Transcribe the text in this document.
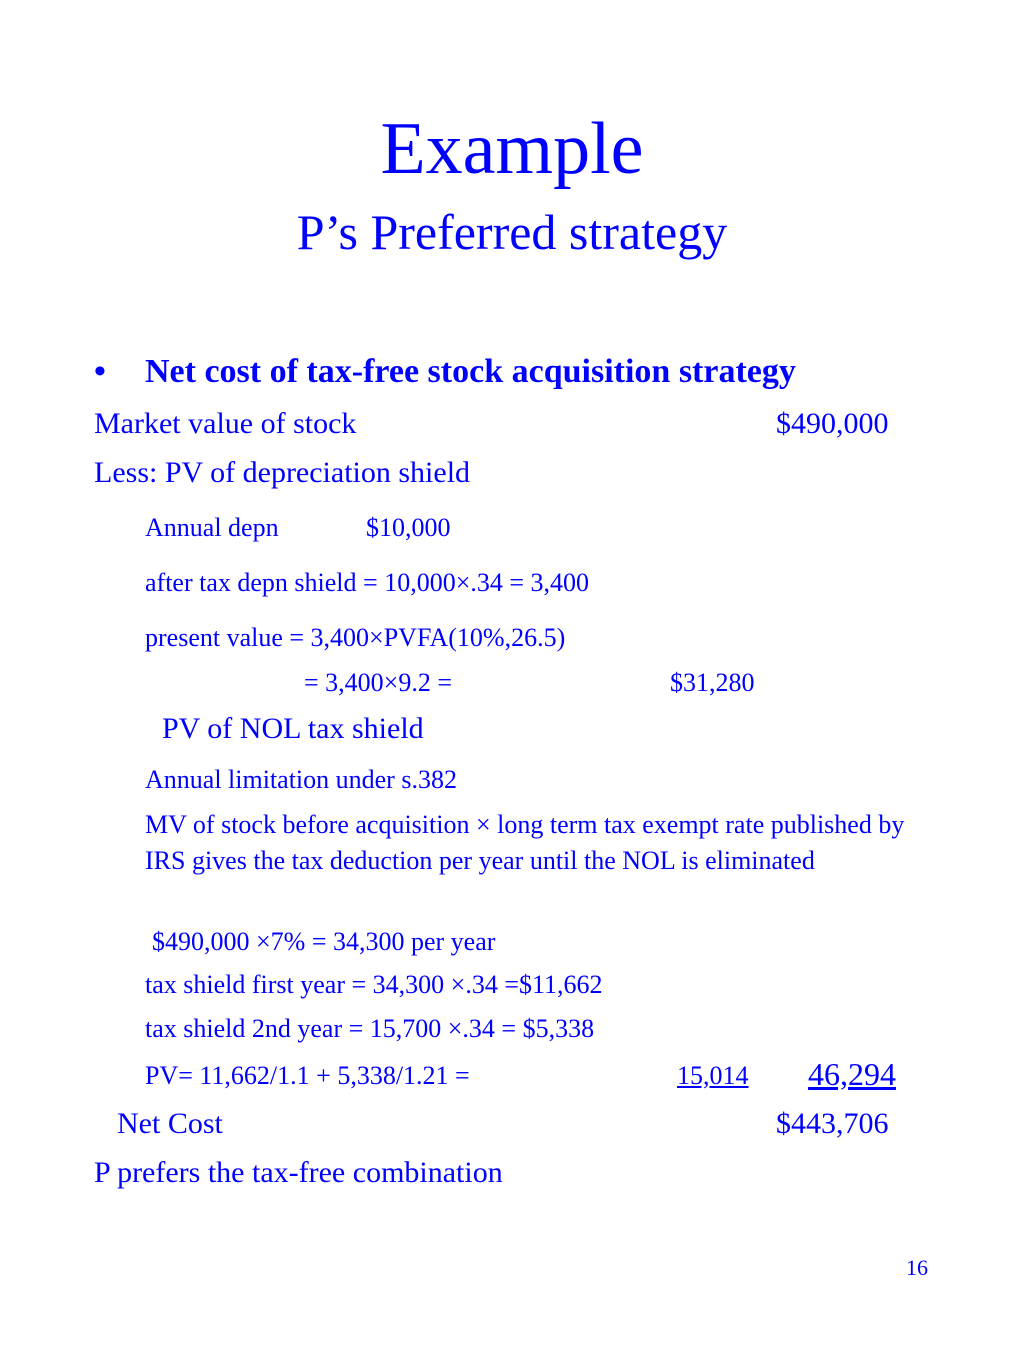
Example
P’s Preferred strategy
• Net cost of tax-free stock acquisition strategy
Market value of stock	$490,000
Less: PV of depreciation shield
Annual depn	$10,000
after tax depn shield = 10,000×.34 = 3,400
present value = 3,400×PVFA(10%,26.5)
= 3,400×9.2 =	$31,280
PV of NOL tax shield
Annual limitation under s.382
MV of stock before acquisition × long term tax exempt rate published by IRS gives the tax deduction per year until the NOL is eliminated
$490,000 ×7% = 34,300 per year
tax shield first year = 34,300 ×.34 =$11,662
tax shield 2nd year = 15,700 ×.34 = $5,338
PV= 11,662/1.1 + 5,338/1.21 =	15,014 46,294
Net Cost	$443,706
P prefers the tax-free combination
16
